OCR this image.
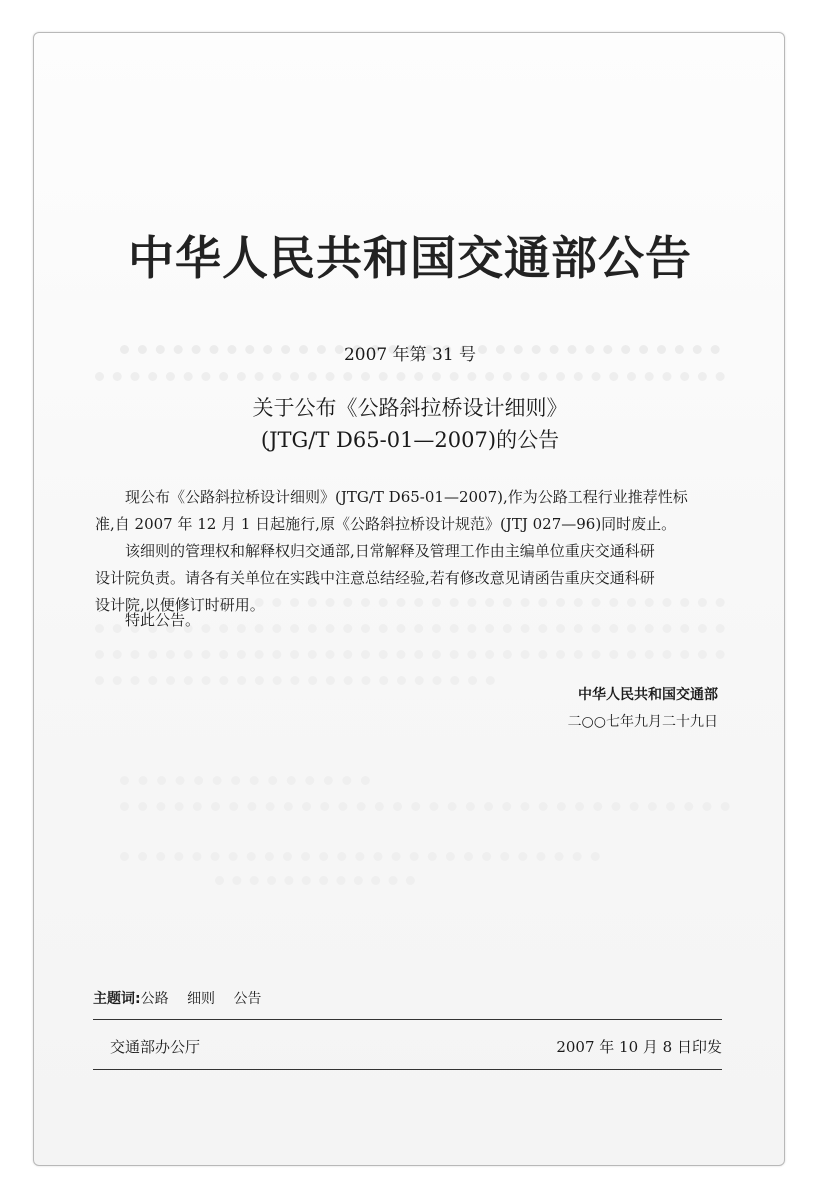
中华人民共和国交通部公告
2007 年第 31 号
关于公布《公路斜拉桥设计细则》
(JTG/T D65-01—2007)的公告
现公布《公路斜拉桥设计细则》(JTG/T D65-01—2007),作为公路工程行业推荐性标
准,自 2007 年 12 月 1 日起施行,原《公路斜拉桥设计规范》(JTJ 027—96)同时废止。
该细则的管理权和解释权归交通部,日常解释及管理工作由主编单位重庆交通科研
设计院负责。请各有关单位在实践中注意总结经验,若有修改意见请函告重庆交通科研
设计院,以便修订时研用。
特此公告。
中华人民共和国交通部
二○○七年九月二十九日
主题词:公路 细则 公告
交通部办公厅	2007 年 10 月 8 日印发
